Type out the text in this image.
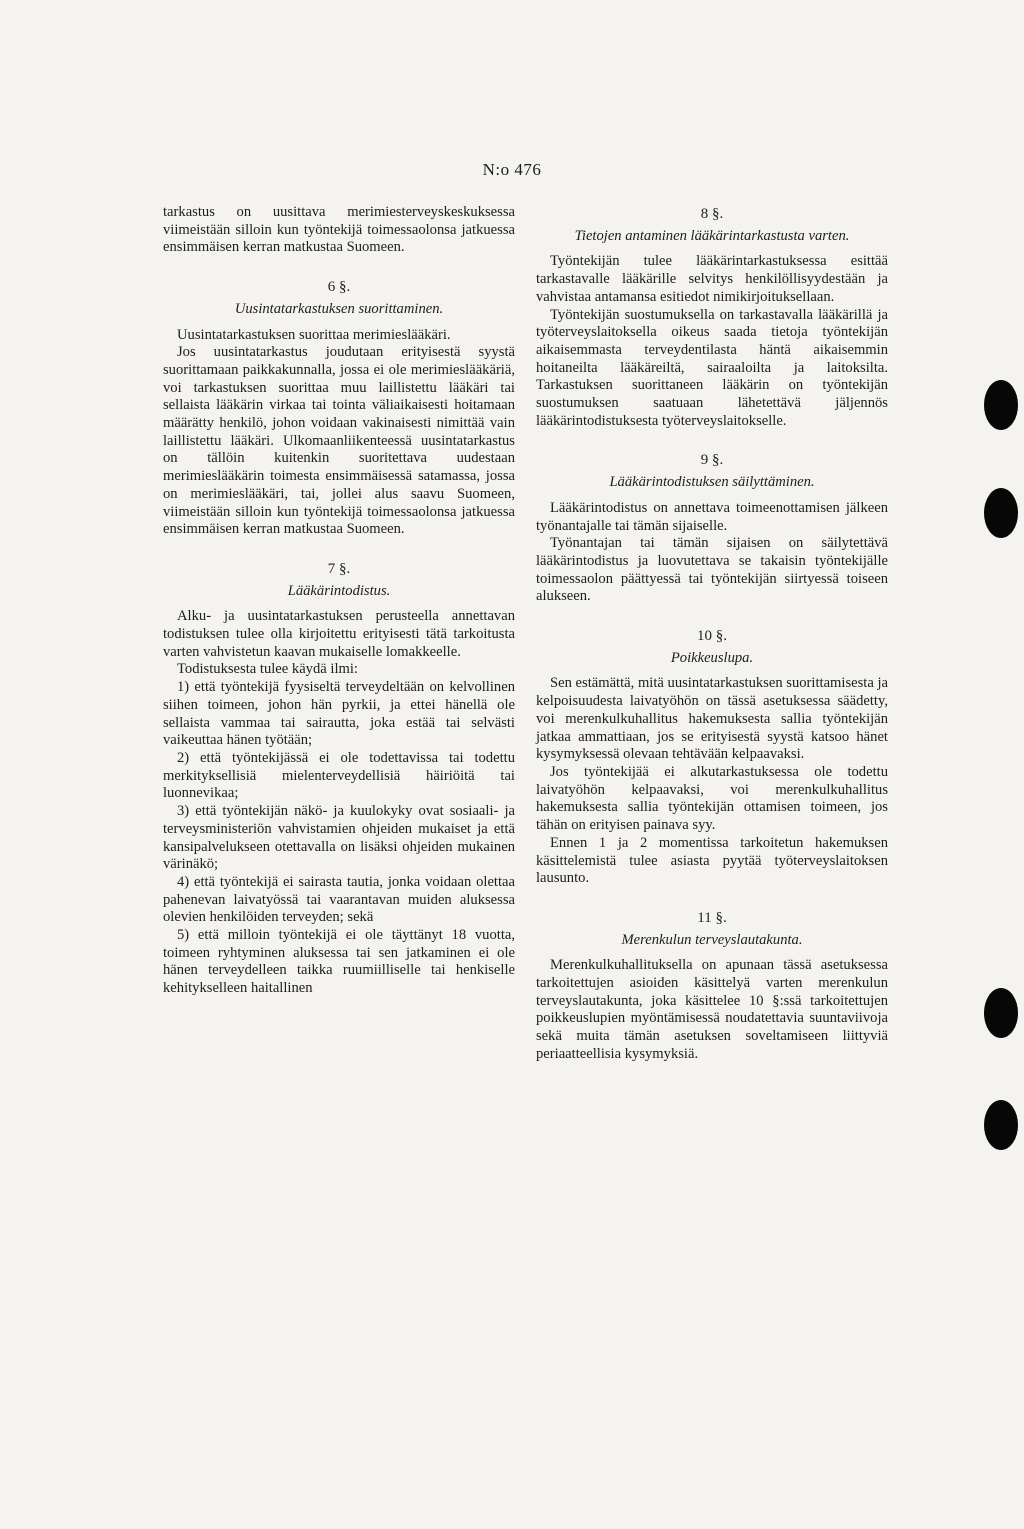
N:o 476

tarkastus on uusittava merimiesterveyskeskuksessa viimeistään silloin kun työntekijä toimessaolonsa jatkuessa ensimmäisen kerran matkustaa Suomeen.

6 §.

Uusintatarkastuksen suorittaminen.

Uusintatarkastuksen suorittaa merimieslääkäri.

Jos uusintatarkastus joudutaan erityisestä syystä suorittamaan paikkakunnalla, jossa ei ole merimieslääkäriä, voi tarkastuksen suorittaa muu laillistettu lääkäri tai sellaista lääkärin virkaa tai tointa väliaikaisesti hoitamaan määrätty henkilö, johon voidaan vakinaisesti nimittää vain laillistettu lääkäri. Ulkomaanliikenteessä uusintatarkastus on tällöin kuitenkin suoritettava uudestaan merimieslääkärin toimesta ensimmäisessä satamassa, jossa on merimieslääkäri, tai, jollei alus saavu Suomeen, viimeistään silloin kun työntekijä toimessaolonsa jatkuessa ensimmäisen kerran matkustaa Suomeen.

7 §.

Lääkärintodistus.

Alku- ja uusintatarkastuksen perusteella annettavan todistuksen tulee olla kirjoitettu erityisesti tätä tarkoitusta varten vahvistetun kaavan mukaiselle lomakkeelle.

Todistuksesta tulee käydä ilmi:

1) että työntekijä fyysiseltä terveydeltään on kelvollinen siihen toimeen, johon hän pyrkii, ja ettei hänellä ole sellaista vammaa tai sairautta, joka estää tai selvästi vaikeuttaa hänen työtään;

2) että työntekijässä ei ole todettavissa tai todettu merkityksellisiä mielenterveydellisiä häiriöitä tai luonnevikaa;

3) että työntekijän näkö- ja kuulokyky ovat sosiaali- ja terveysministeriön vahvistamien ohjeiden mukaiset ja että kansipalvelukseen otettavalla on lisäksi ohjeiden mukainen värinäkö;

4) että työntekijä ei sairasta tautia, jonka voidaan olettaa pahenevan laivatyössä tai vaarantavan muiden aluksessa olevien henkilöiden terveyden; sekä

5) että milloin työntekijä ei ole täyttänyt 18 vuotta, toimeen ryhtyminen aluksessa tai sen jatkaminen ei ole hänen terveydelleen taikka ruumiilliselle tai henkiselle kehitykselleen haitallinen

8 §.

Tietojen antaminen lääkärintarkastusta varten.

Työntekijän tulee lääkärintarkastuksessa esittää tarkastavalle lääkärille selvitys henkilöllisyydestään ja vahvistaa antamansa esitiedot nimikirjoituksellaan.

Työntekijän suostumuksella on tarkastavalla lääkärillä ja työterveyslaitoksella oikeus saada tietoja työntekijän aikaisemmasta terveydentilasta häntä aikaisemmin hoitaneilta lääkäreiltä, sairaaloilta ja laitoksilta. Tarkastuksen suorittaneen lääkärin on työntekijän suostumuksen saatuaan lähetettävä jäljennös lääkärintodistuksesta työterveyslaitokselle.

9 §.

Lääkärintodistuksen säilyttäminen.

Lääkärintodistus on annettava toimeenottamisen jälkeen työnantajalle tai tämän sijaiselle.

Työnantajan tai tämän sijaisen on säilytettävä lääkärintodistus ja luovutettava se takaisin työntekijälle toimessaolon päättyessä tai työntekijän siirtyessä toiseen alukseen.

10 §.

Poikkeuslupa.

Sen estämättä, mitä uusintatarkastuksen suorittamisesta ja kelpoisuudesta laivatyöhön on tässä asetuksessa säädetty, voi merenkulkuhallitus hakemuksesta sallia työntekijän jatkaa ammattiaan, jos se erityisestä syystä katsoo hänet kysymyksessä olevaan tehtävään kelpaavaksi.

Jos työntekijää ei alkutarkastuksessa ole todettu laivatyöhön kelpaavaksi, voi merenkulkuhallitus hakemuksesta sallia työntekijän ottamisen toimeen, jos tähän on erityisen painava syy.

Ennen 1 ja 2 momentissa tarkoitetun hakemuksen käsittelemistä tulee asiasta pyytää työterveyslaitoksen lausunto.

11 §.

Merenkulun terveyslautakunta.

Merenkulkuhallituksella on apunaan tässä asetuksessa tarkoitettujen asioiden käsittelyä varten merenkulun terveyslautakunta, joka käsittelee 10 §:ssä tarkoitettujen poikkeuslupien myöntämisessä noudatettavia suuntaviivoja sekä muita tämän asetuksen soveltamiseen liittyviä periaatteellisia kysymyksiä.
